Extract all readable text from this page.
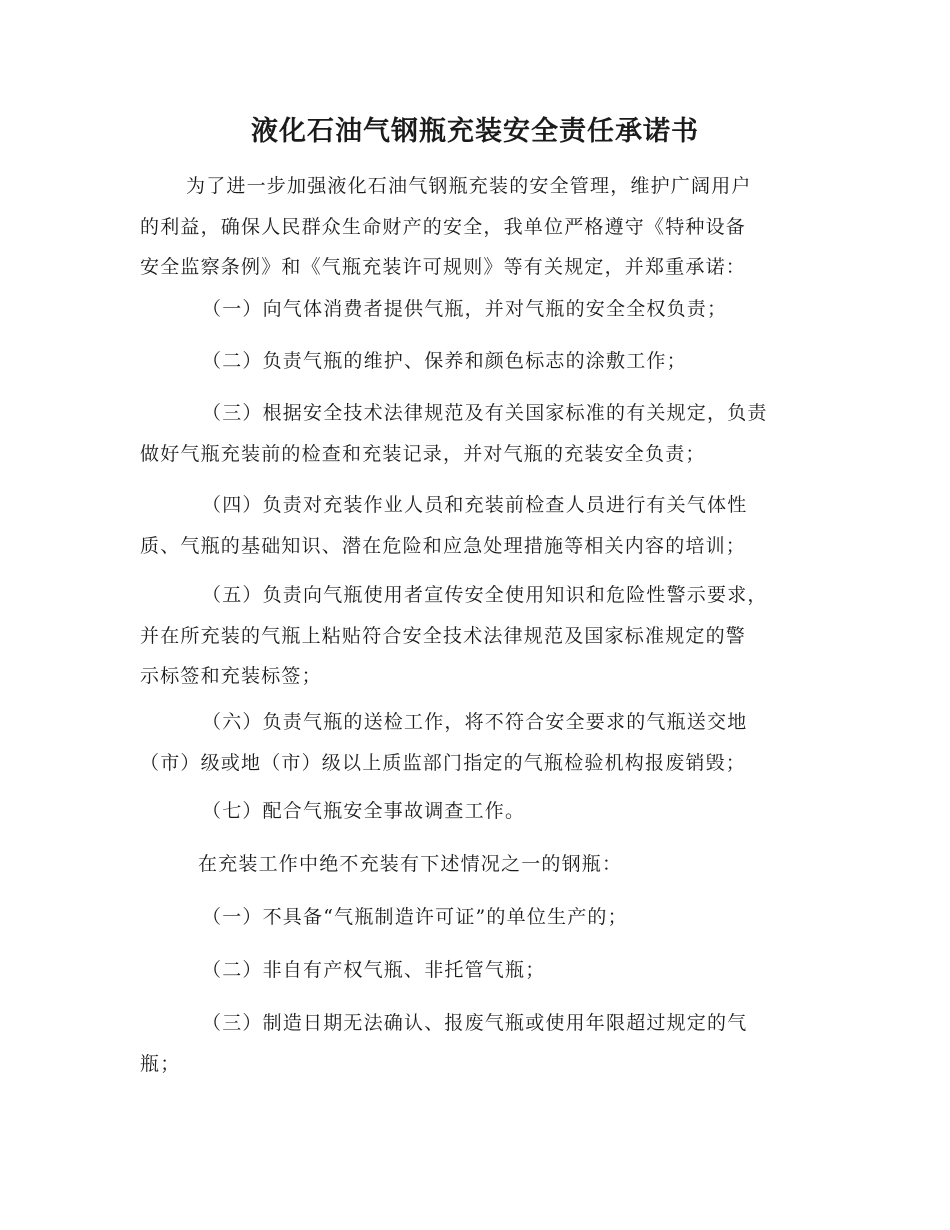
液化石油气钢瓶充装安全责任承诺书
为了进一步加强液化石油气钢瓶充装的安全管理，维护广阔用户
的利益，确保人民群众生命财产的安全，我单位严格遵守《特种设备
安全监察条例》和《气瓶充装许可规则》等有关规定，并郑重承诺：
（一）向气体消费者提供气瓶，并对气瓶的安全全权负责；
（二）负责气瓶的维护、保养和颜色标志的涂敷工作；
（三）根据安全技术法律规范及有关国家标准的有关规定，负责
做好气瓶充装前的检查和充装记录，并对气瓶的充装安全负责；
（四）负责对充装作业人员和充装前检查人员进行有关气体性
质、气瓶的基础知识、潜在危险和应急处理措施等相关内容的培训；
（五）负责向气瓶使用者宣传安全使用知识和危险性警示要求，
并在所充装的气瓶上粘贴符合安全技术法律规范及国家标准规定的警
示标签和充装标签；
（六）负责气瓶的送检工作，将不符合安全要求的气瓶送交地
（市）级或地（市）级以上质监部门指定的气瓶检验机构报废销毁；
（七）配合气瓶安全事故调查工作。
在充装工作中绝不充装有下述情况之一的钢瓶：
（一）不具备“气瓶制造许可证”的单位生产的；
（二）非自有产权气瓶、非托管气瓶；
（三）制造日期无法确认、报废气瓶或使用年限超过规定的气
瓶；
